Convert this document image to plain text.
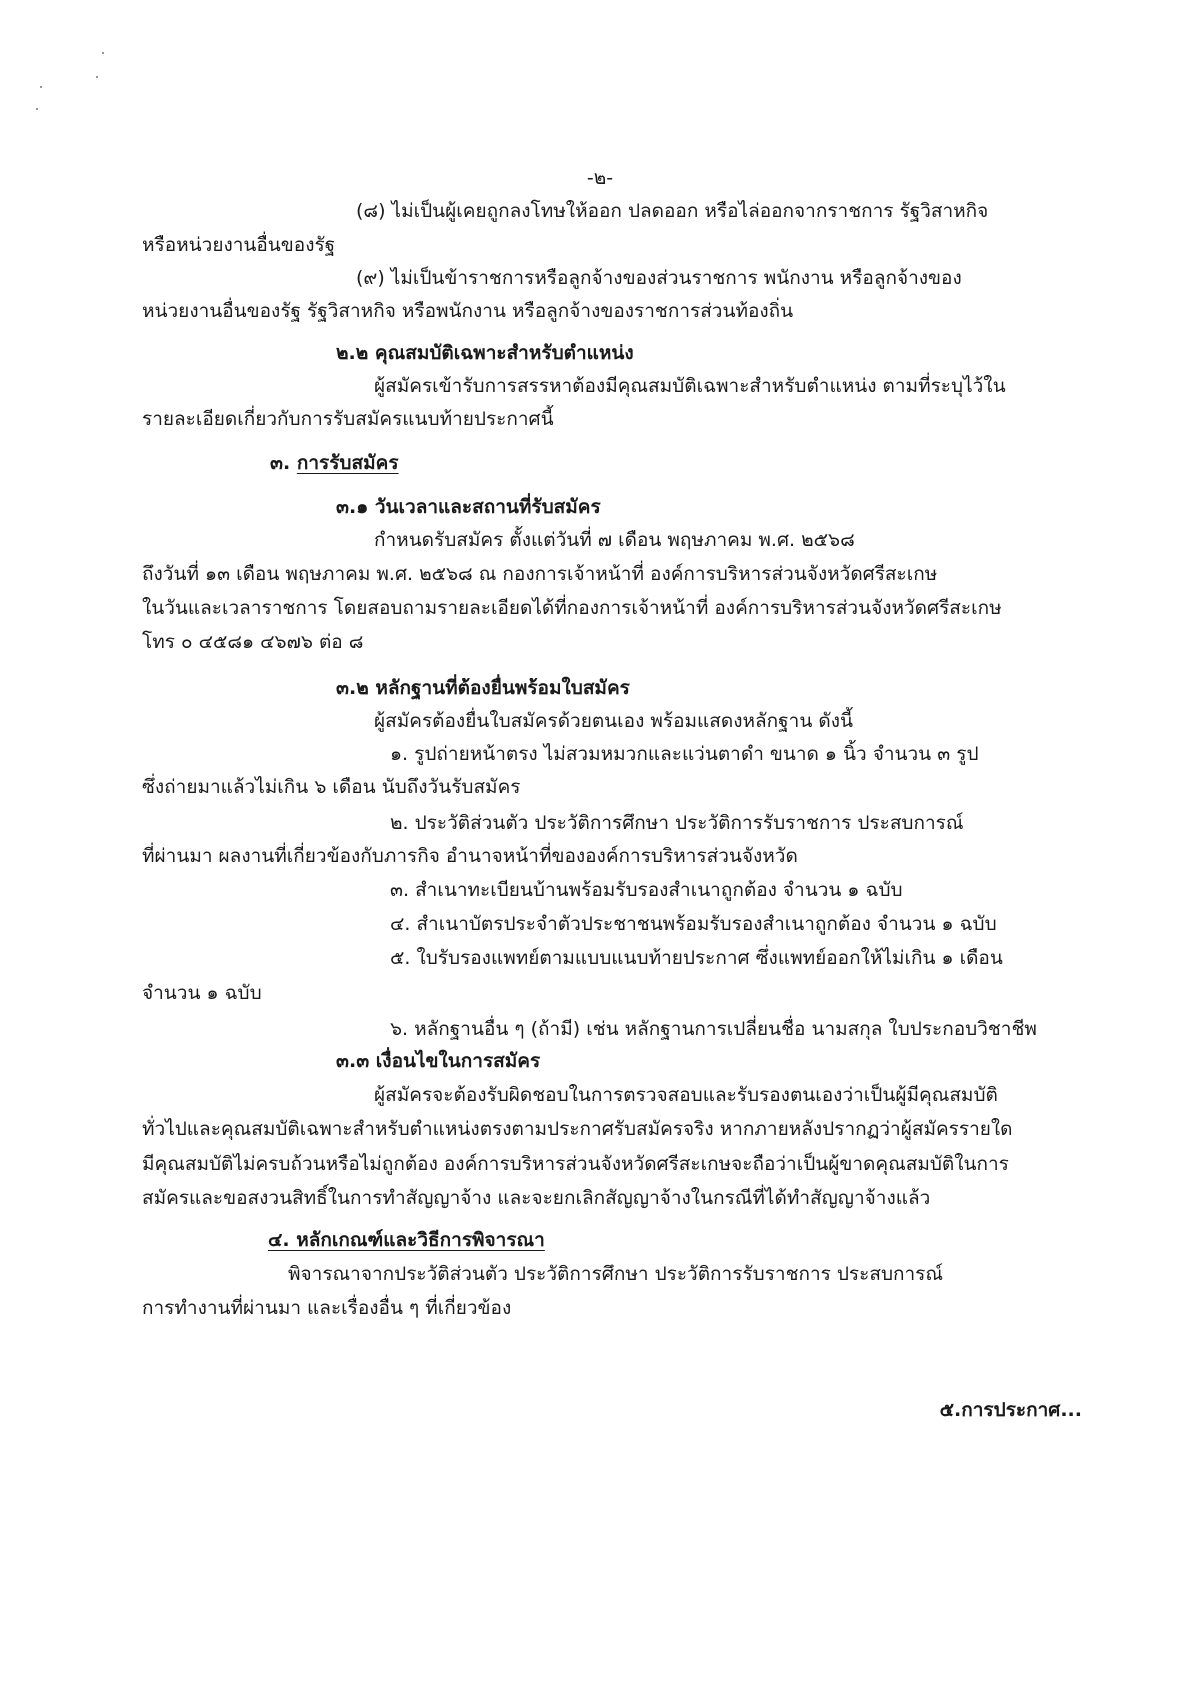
-๒-
(๘) ไม่เป็นผู้เคยถูกลงโทษให้ออก ปลดออก หรือไล่ออกจากราชการ รัฐวิสาหกิจ
หรือหน่วยงานอื่นของรัฐ
(๙) ไม่เป็นข้าราชการหรือลูกจ้างของส่วนราชการ พนักงาน หรือลูกจ้างของ
หน่วยงานอื่นของรัฐ รัฐวิสาหกิจ หรือพนักงาน หรือลูกจ้างของราชการส่วนท้องถิ่น
๒.๒ คุณสมบัติเฉพาะสำหรับตำแหน่ง
ผู้สมัครเข้ารับการสรรหาต้องมีคุณสมบัติเฉพาะสำหรับตำแหน่ง ตามที่ระบุไว้ใน
รายละเอียดเกี่ยวกับการรับสมัครแนบท้ายประกาศนี้
๓. การรับสมัคร
๓.๑ วันเวลาและสถานที่รับสมัคร
กำหนดรับสมัคร ตั้งแต่วันที่ ๗ เดือน พฤษภาคม พ.ศ. ๒๕๖๘
ถึงวันที่ ๑๓ เดือน พฤษภาคม พ.ศ. ๒๕๖๘ ณ กองการเจ้าหน้าที่ องค์การบริหารส่วนจังหวัดศรีสะเกษ
ในวันและเวลาราชการ โดยสอบถามรายละเอียดได้ที่กองการเจ้าหน้าที่ องค์การบริหารส่วนจังหวัดศรีสะเกษ
โทร ๐ ๔๕๘๑ ๔๖๗๖ ต่อ ๘
๓.๒ หลักฐานที่ต้องยื่นพร้อมใบสมัคร
ผู้สมัครต้องยื่นใบสมัครด้วยตนเอง พร้อมแสดงหลักฐาน ดังนี้
๑. รูปถ่ายหน้าตรง ไม่สวมหมวกและแว่นตาดำ ขนาด ๑ นิ้ว จำนวน ๓ รูป
ซึ่งถ่ายมาแล้วไม่เกิน ๖ เดือน นับถึงวันรับสมัคร
๒. ประวัติส่วนตัว ประวัติการศึกษา ประวัติการรับราชการ ประสบการณ์
ที่ผ่านมา ผลงานที่เกี่ยวข้องกับภารกิจ อำนาจหน้าที่ขององค์การบริหารส่วนจังหวัด
๓. สำเนาทะเบียนบ้านพร้อมรับรองสำเนาถูกต้อง จำนวน ๑ ฉบับ
๔. สำเนาบัตรประจำตัวประชาชนพร้อมรับรองสำเนาถูกต้อง จำนวน ๑ ฉบับ
๕. ใบรับรองแพทย์ตามแบบแนบท้ายประกาศ ซึ่งแพทย์ออกให้ไม่เกิน ๑ เดือน
จำนวน ๑ ฉบับ
๖. หลักฐานอื่น ๆ (ถ้ามี) เช่น หลักฐานการเปลี่ยนชื่อ นามสกุล ใบประกอบวิชาชีพ
๓.๓ เงื่อนไขในการสมัคร
ผู้สมัครจะต้องรับผิดชอบในการตรวจสอบและรับรองตนเองว่าเป็นผู้มีคุณสมบัติ
ทั่วไปและคุณสมบัติเฉพาะสำหรับตำแหน่งตรงตามประกาศรับสมัครจริง หากภายหลังปรากฏว่าผู้สมัครรายใด
มีคุณสมบัติไม่ครบถ้วนหรือไม่ถูกต้อง องค์การบริหารส่วนจังหวัดศรีสะเกษจะถือว่าเป็นผู้ขาดคุณสมบัติในการ
สมัครและขอสงวนสิทธิ์ในการทำสัญญาจ้าง และจะยกเลิกสัญญาจ้างในกรณีที่ได้ทำสัญญาจ้างแล้ว
๔. หลักเกณฑ์และวิธีการพิจารณา
พิจารณาจากประวัติส่วนตัว ประวัติการศึกษา ประวัติการรับราชการ ประสบการณ์
การทำงานที่ผ่านมา และเรื่องอื่น ๆ ที่เกี่ยวข้อง
๕.การประกาศ...
